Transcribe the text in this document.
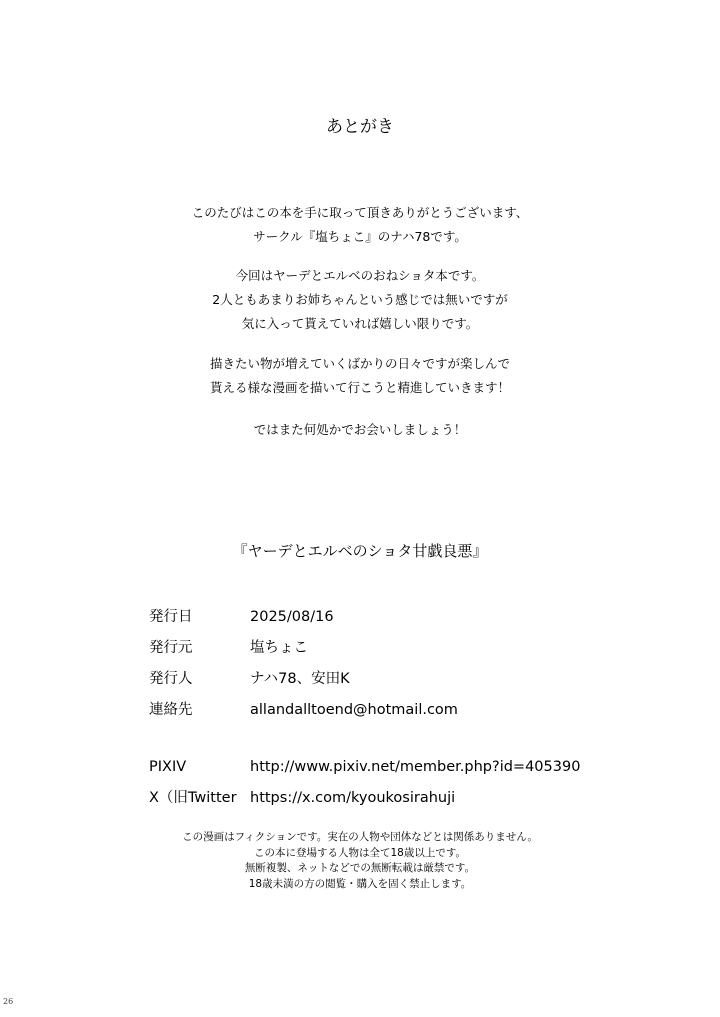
あとがき
このたびはこの本を手に取って頂きありがとうございます、
サークル『塩ちょこ』のナハ78です。
今回はヤーデとエルベのおねショタ本です。
2人ともあまりお姉ちゃんという感じでは無いですが
気に入って貰えていれば嬉しい限りです。
描きたい物が増えていくばかりの日々ですが楽しんで
貰える様な漫画を描いて行こうと精進していきます！
ではまた何処かでお会いしましょう！
『ヤーデとエルベのショタ甘戯良悪』
発行日	2025/08/16
発行元	塩ちょこ
発行人	ナハ78、安田K
連絡先	allandalltoend@hotmail.com
PIXIV	http://www.pixiv.net/member.php?id=405390
X（旧Twitter https://x.com/kyoukosirahuji
この漫画はフィクションです。実在の人物や団体などとは関係ありません。
この本に登場する人物は全て18歳以上です。
無断複製、ネットなどでの無断転載は厳禁です。
18歳未満の方の閲覧・購入を固く禁止します。
26
